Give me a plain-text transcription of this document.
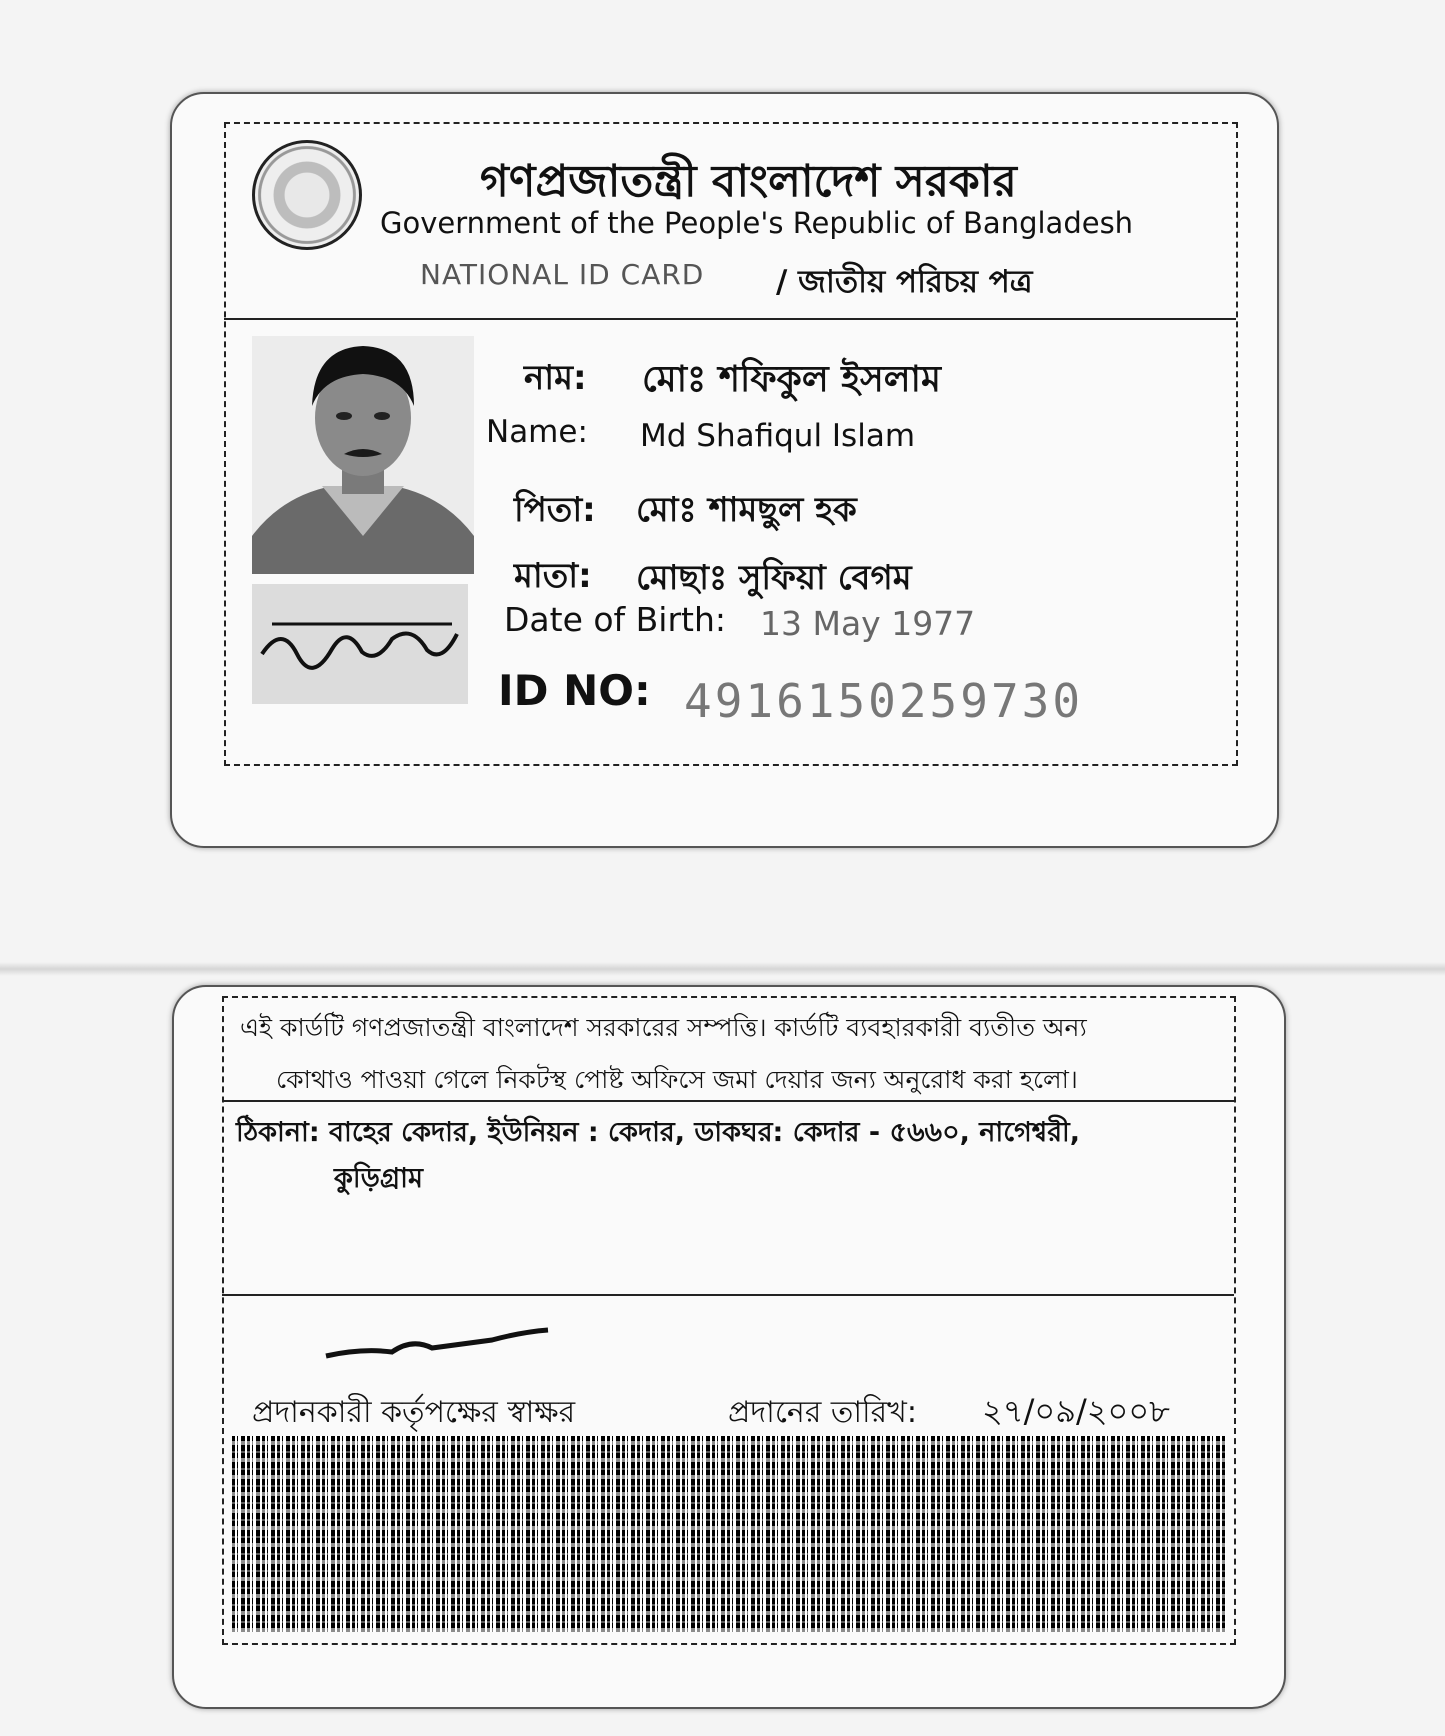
গণপ্রজাতন্ত্রী বাংলাদেশ সরকার
Government of the People's Republic of Bangladesh
NATIONAL ID CARD / জাতীয় পরিচয় পত্র
নাম: মোঃ শফিকুল ইসলাম
Name: Md Shafiqul Islam
পিতা: মোঃ শামছুল হক
মাতা: মোছাঃ সুফিয়া বেগম
Date of Birth: 13 May 1977
ID NO: 4916150259730
এই কার্ডটি গণপ্রজাতন্ত্রী বাংলাদেশ সরকারের সম্পত্তি। কার্ডটি ব্যবহারকারী ব্যতীত অন্য
কোথাও পাওয়া গেলে নিকটস্থ পোষ্ট অফিসে জমা দেয়ার জন্য অনুরোধ করা হলো।
ঠিকানা: বাহের কেদার, ইউনিয়ন : কেদার, ডাকঘর: কেদার - ৫৬৬০, নাগেশ্বরী,
কুড়িগ্রাম
প্রদানকারী কর্তৃপক্ষের স্বাক্ষর	প্রদানের তারিখ: ২৭/০৯/২০০৮
